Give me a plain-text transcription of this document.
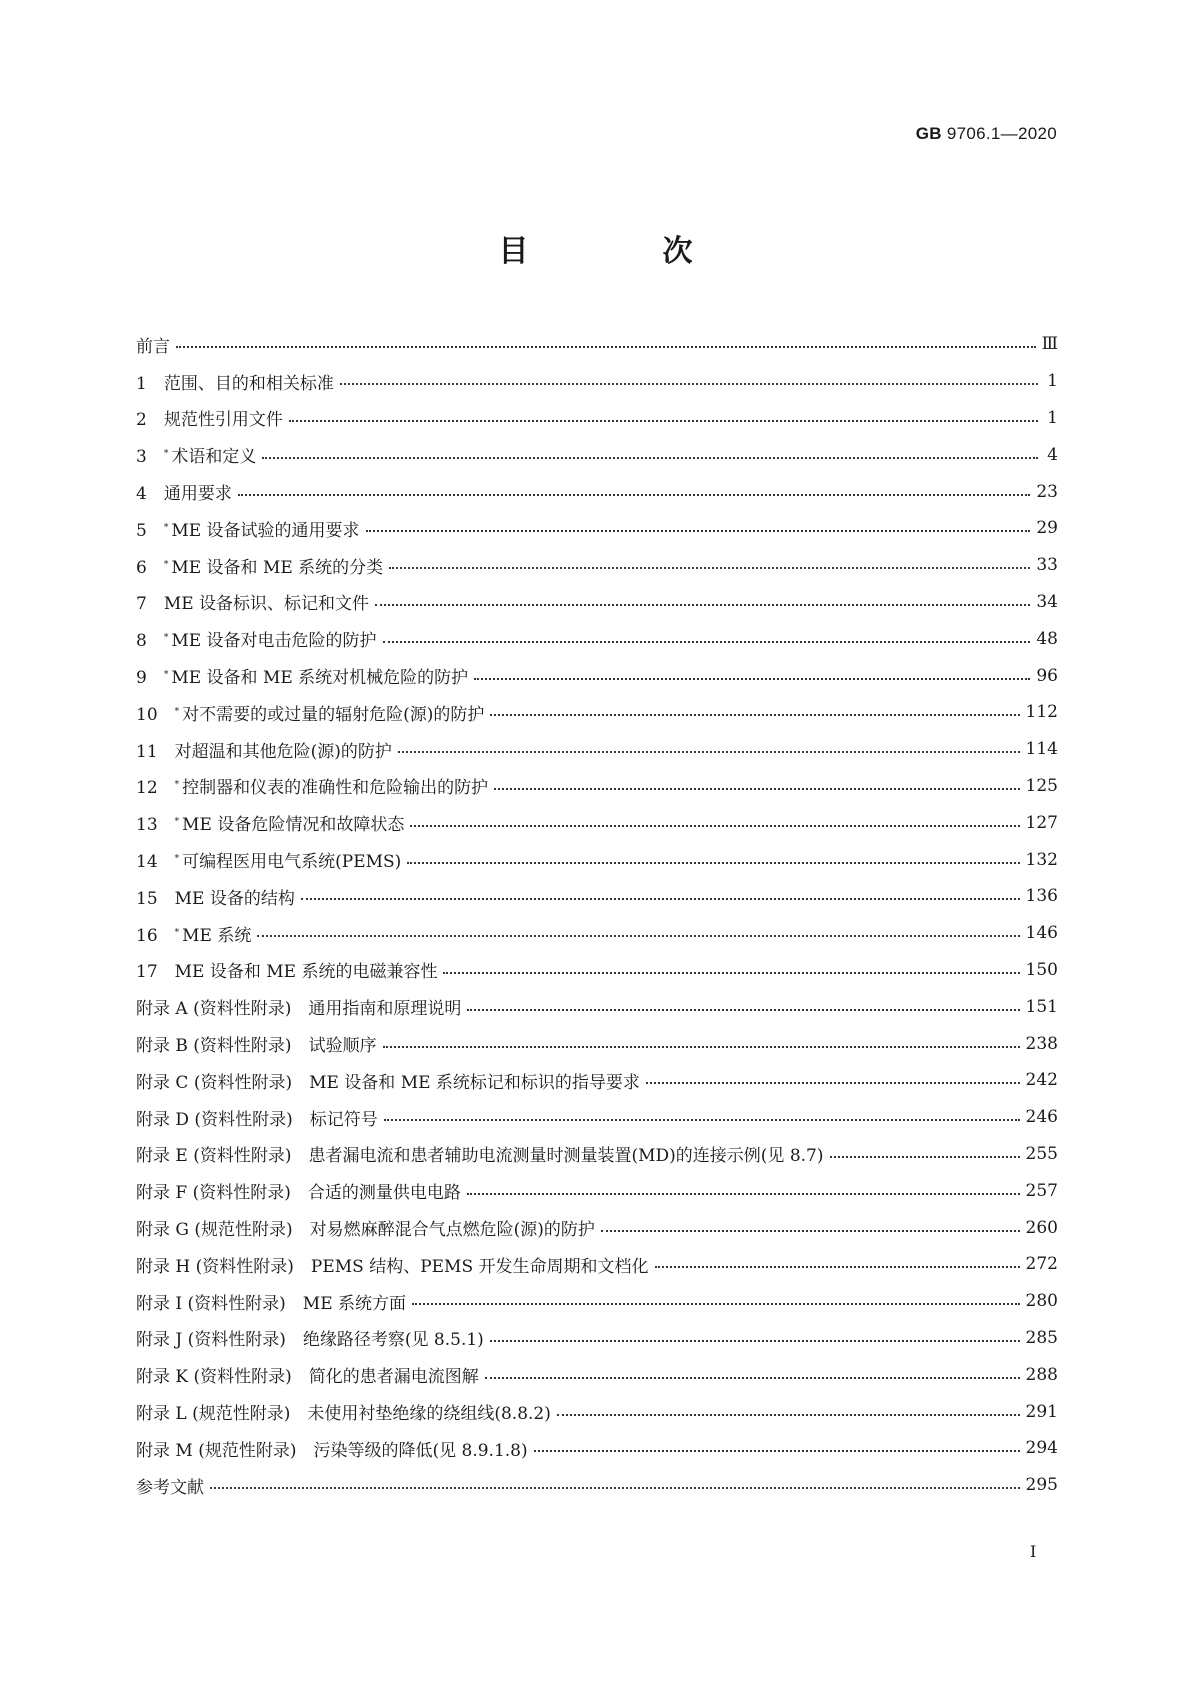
GB 9706.1—2020
目　次
前言	Ⅲ
1　范围、目的和相关标准	1
2　规范性引用文件	1
3　* 术语和定义	4
4　通用要求	23
5　* ME 设备试验的通用要求	29
6　* ME 设备和 ME 系统的分类	33
7　ME 设备标识、标记和文件	34
8　* ME 设备对电击危险的防护	48
9　* ME 设备和 ME 系统对机械危险的防护	96
10　* 对不需要的或过量的辐射危险(源)的防护	112
11　对超温和其他危险(源)的防护	114
12　* 控制器和仪表的准确性和危险输出的防护	125
13　* ME 设备危险情况和故障状态	127
14　* 可编程医用电气系统(PEMS)	132
15　ME 设备的结构	136
16　* ME 系统	146
17　ME 设备和 ME 系统的电磁兼容性	150
附录 A (资料性附录)　通用指南和原理说明	151
附录 B (资料性附录)　试验顺序	238
附录 C (资料性附录)　ME 设备和 ME 系统标记和标识的指导要求	242
附录 D (资料性附录)　标记符号	246
附录 E (资料性附录)　患者漏电流和患者辅助电流测量时测量装置(MD)的连接示例(见 8.7)	255
附录 F (资料性附录)　合适的测量供电电路	257
附录 G (规范性附录)　对易燃麻醉混合气点燃危险(源)的防护	260
附录 H (资料性附录)　PEMS 结构、PEMS 开发生命周期和文档化	272
附录 I (资料性附录)　ME 系统方面	280
附录 J (资料性附录)　绝缘路径考察(见 8.5.1)	285
附录 K (资料性附录)　简化的患者漏电流图解	288
附录 L (规范性附录)　未使用衬垫绝缘的绕组线(8.8.2)	291
附录 M (规范性附录)　污染等级的降低(见 8.9.1.8)	294
参考文献	295
I
